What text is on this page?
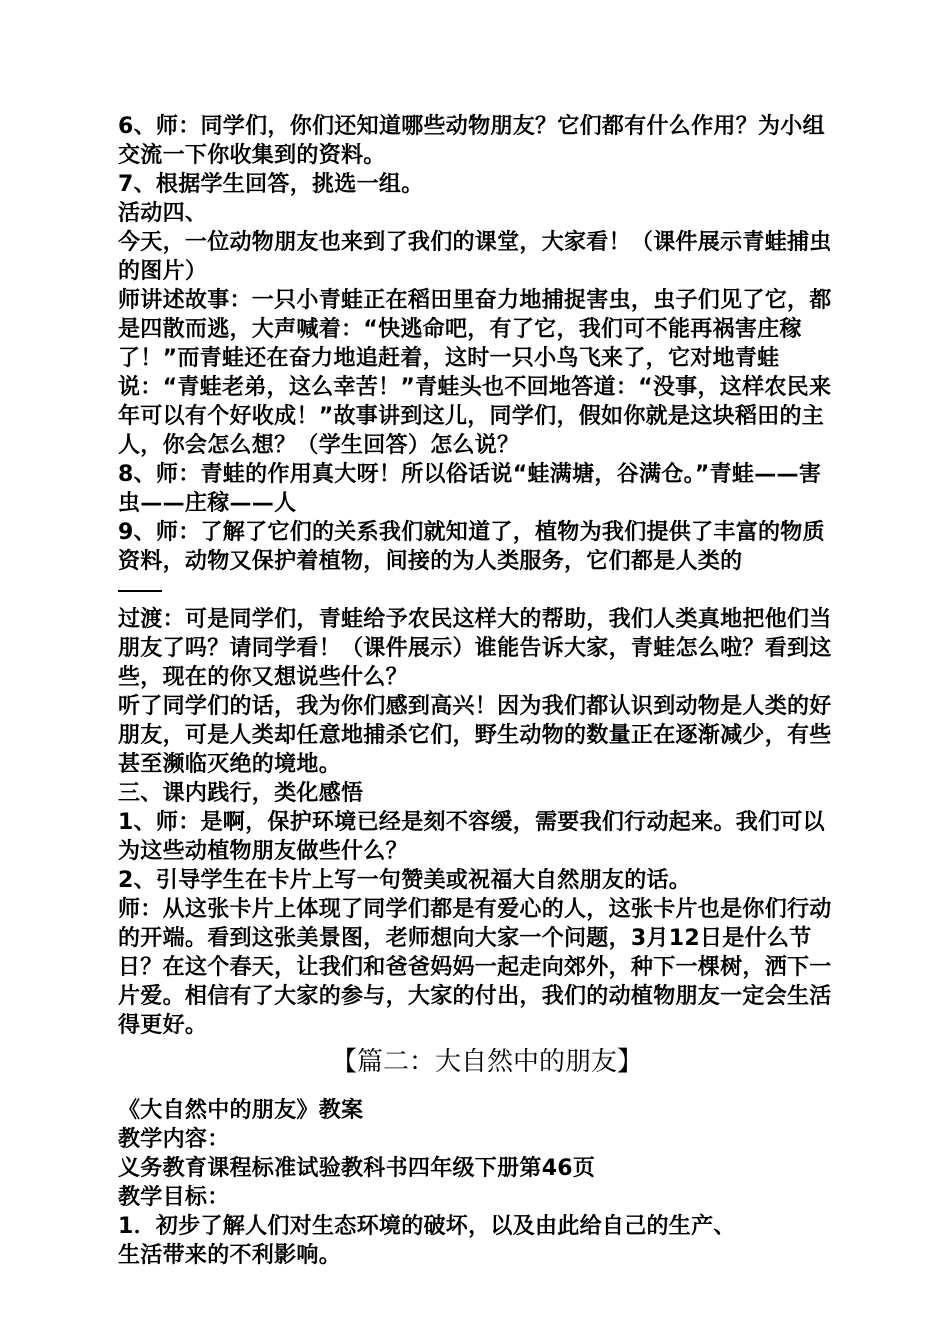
6、师：同学们，你们还知道哪些动物朋友？它们都有什么作用？为小组交流一下你收集到的资料。

7、根据学生回答，挑选一组。

活动四、

今天，一位动物朋友也来到了我们的课堂，大家看！（课件展示青蛙捕虫的图片）

师讲述故事：一只小青蛙正在稻田里奋力地捕捉害虫，虫子们见了它，都是四散而逃，大声喊着：“快逃命吧，有了它，我们可不能再祸害庄稼了！”而青蛙还在奋力地追赶着，这时一只小鸟飞来了，它对地青蛙说：“青蛙老弟，这么幸苦！”青蛙头也不回地答道：“没事，这样农民来年可以有个好收成！”故事讲到这儿，同学们，假如你就是这块稻田的主人，你会怎么想？（学生回答）怎么说？

8、师：青蛙的作用真大呀！所以俗话说“蛙满塘，谷满仓。”青蛙——害虫——庄稼——人

9、师：了解了它们的关系我们就知道了，植物为我们提供了丰富的物质资料，动物又保护着植物，间接的为人类服务，它们都是人类的

过渡：可是同学们，青蛙给予农民这样大的帮助，我们人类真地把他们当朋友了吗？请同学看！（课件展示）谁能告诉大家，青蛙怎么啦？看到这些，现在的你又想说些什么？

听了同学们的话，我为你们感到高兴！因为我们都认识到动物是人类的好朋友，可是人类却任意地捕杀它们，野生动物的数量正在逐渐减少，有些甚至濒临灭绝的境地。

三、课内践行，类化感悟

1、师：是啊，保护环境已经是刻不容缓，需要我们行动起来。我们可以为这些动植物朋友做些什么？

2、引导学生在卡片上写一句赞美或祝福大自然朋友的话。

师：从这张卡片上体现了同学们都是有爱心的人，这张卡片也是你们行动的开端。看到这张美景图，老师想向大家一个问题，3月12日是什么节日？在这个春天，让我们和爸爸妈妈一起走向郊外，种下一棵树，洒下一片爱。相信有了大家的参与，大家的付出，我们的动植物朋友一定会生活得更好。

【篇二：大自然中的朋友】

《大自然中的朋友》教案

教学内容：

义务教育课程标准试验教科书四年级下册第46页

教学目标：

1．初步了解人们对生态环境的破坏，以及由此给自己的生产、

生活带来的不利影响。
